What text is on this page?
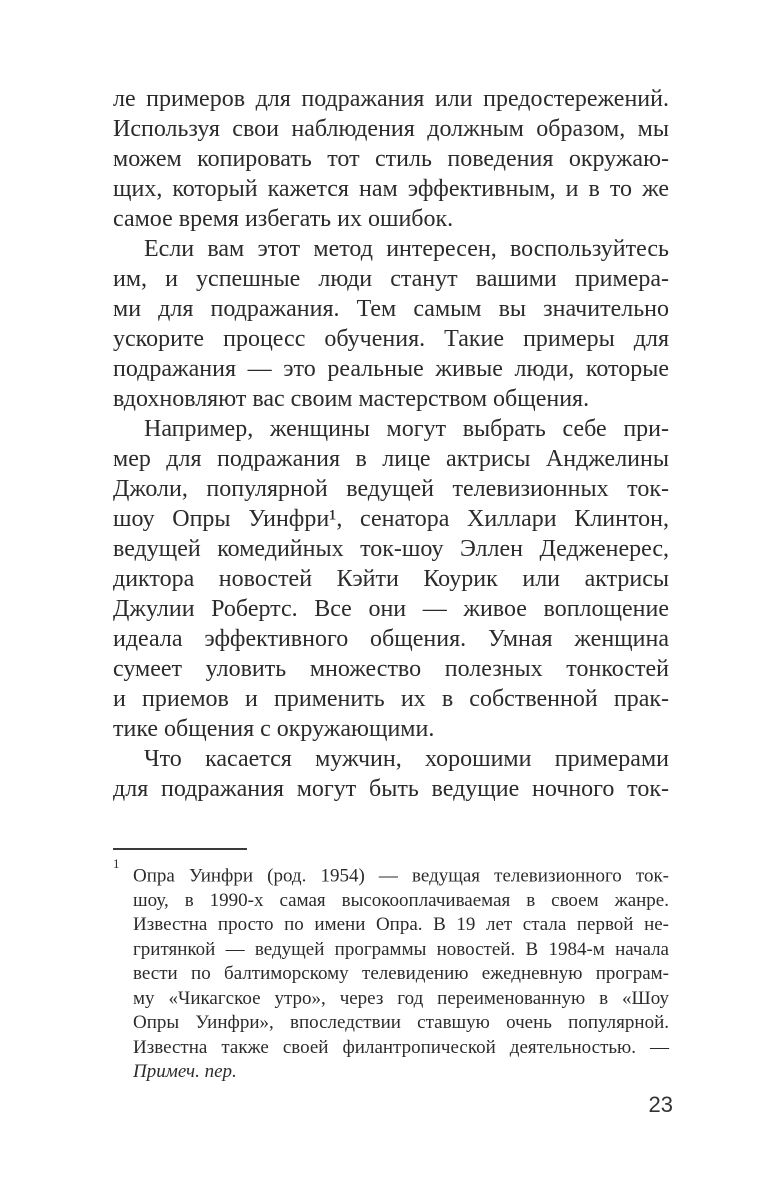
ле примеров для подражания или предостережений.
Используя свои наблюдения должным образом, мы
можем копировать тот стиль поведения окружаю-
щих, который кажется нам эффективным, и в то же
самое время избегать их ошибок.
Если вам этот метод интересен, воспользуйтесь
им, и успешные люди станут вашими примера-
ми для подражания. Тем самым вы значительно
ускорите процесс обучения. Такие примеры для
подражания — это реальные живые люди, которые
вдохновляют вас своим мастерством общения.
Например, женщины могут выбрать себе при-
мер для подражания в лице актрисы Анджелины
Джоли, популярной ведущей телевизионных ток-
шоу Опры Уинфри¹, сенатора Хиллари Клинтон,
ведущей комедийных ток-шоу Эллен Дедженерес,
диктора новостей Кэйти Коурик или актрисы
Джулии Робертс. Все они — живое воплощение
идеала эффективного общения. Умная женщина
сумеет уловить множество полезных тонкостей
и приемов и применить их в собственной прак-
тике общения с окружающими.
Что касается мужчин, хорошими примерами
для подражания могут быть ведущие ночного ток-
$^1$Опра Уинфри (род. 1954) — ведущая телевизионного ток-
шоу, в 1990-х самая высокооплачиваемая в своем жанре.
Известна просто по имени Опра. В 19 лет стала первой не-
гритянкой — ведущей программы новостей. В 1984-м начала
вести по балтиморскому телевидению ежедневную програм-
му «Чикагское утро», через год переименованную в «Шоу
Опры Уинфри», впоследствии ставшую очень популярной.
Известна также своей филантропической деятельностью. —
Примеч. пер.
23
